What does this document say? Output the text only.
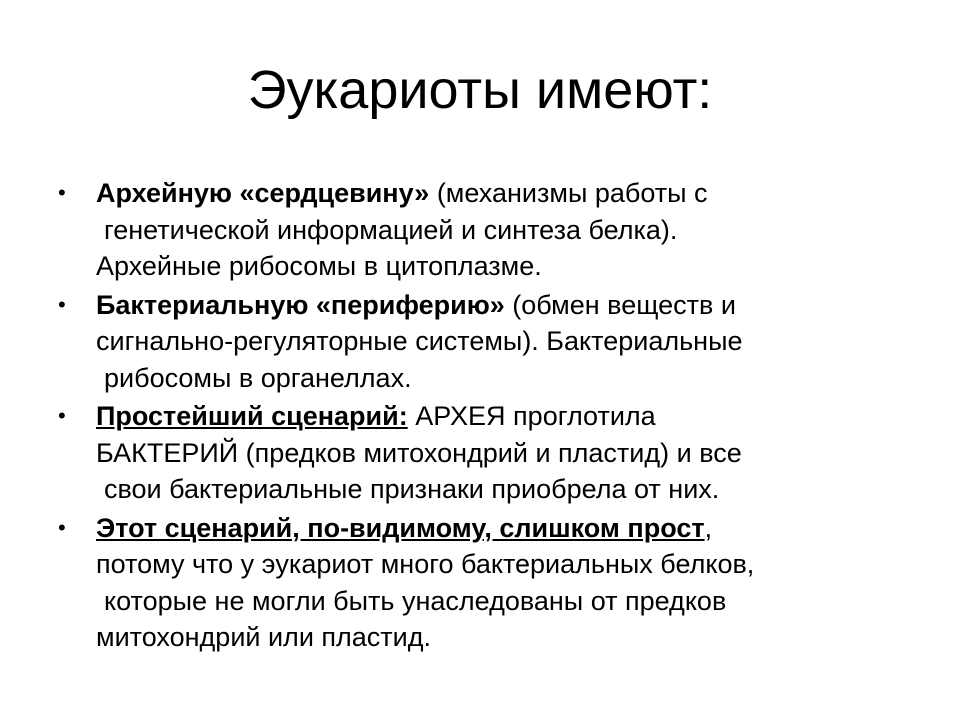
Эукариоты имеют:
• Архейную «сердцевину» (механизмы работы с
генетической информацией и синтеза белка).
Архейные рибосомы в цитоплазме.
• Бактериальную «периферию» (обмен веществ и
сигнально-регуляторные системы). Бактериальные
рибосомы в органеллах.
• Простейший сценарий: АРХЕЯ проглотила
БАКТЕРИЙ (предков митохондрий и пластид) и все
свои бактериальные признаки приобрела от них.
• Этот сценарий, по-видимому, слишком прост,
потому что у эукариот много бактериальных белков,
которые не могли быть унаследованы от предков
митохондрий или пластид.
